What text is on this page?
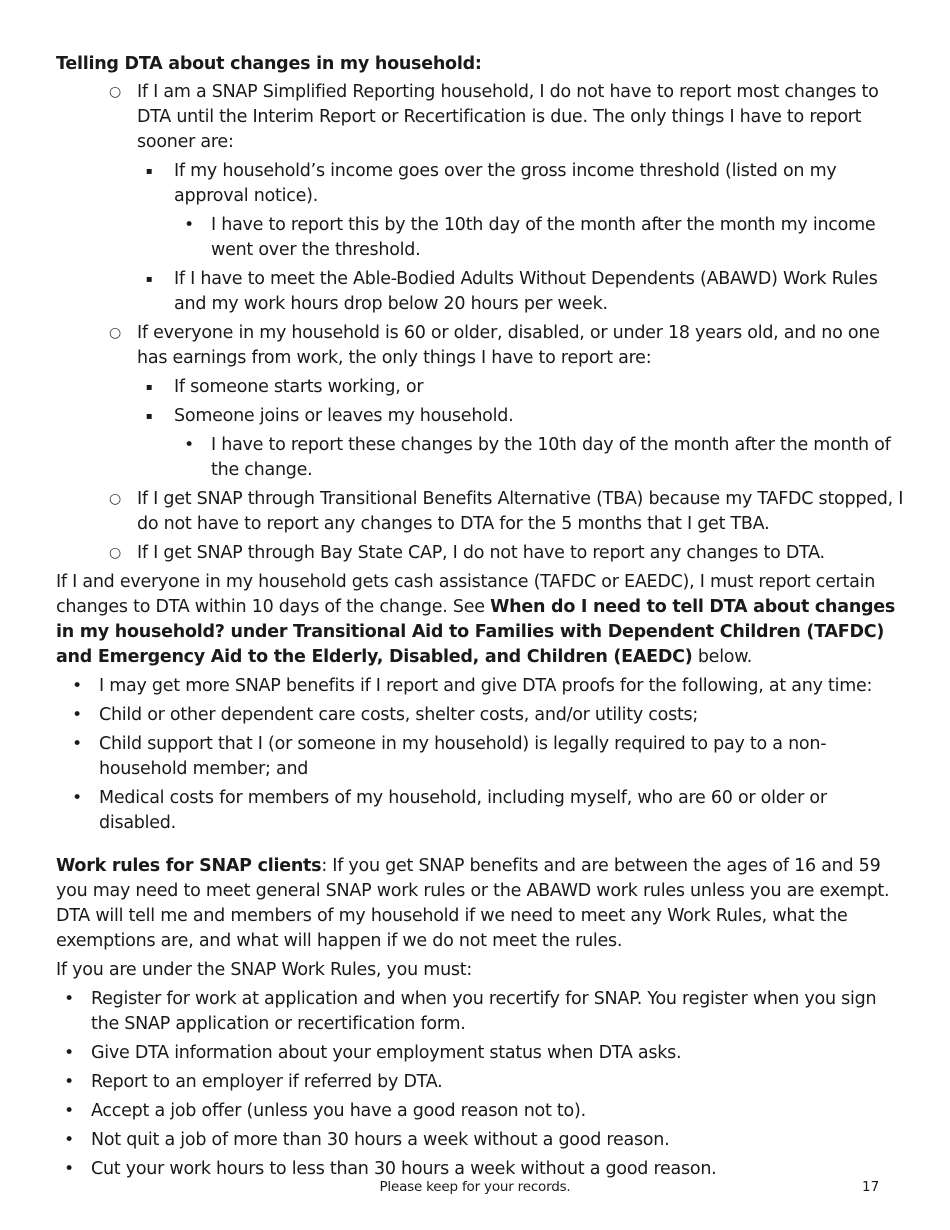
Telling DTA about changes in my household:
○ If I am a SNAP Simplified Reporting household, I do not have to report most changes to DTA until the Interim Report or Recertification is due. The only things I have to report sooner are:
▪ If my household’s income goes over the gross income threshold (listed on my approval notice).
• I have to report this by the 10th day of the month after the month my income went over the threshold.
▪ If I have to meet the Able-Bodied Adults Without Dependents (ABAWD) Work Rules and my work hours drop below 20 hours per week.
○ If everyone in my household is 60 or older, disabled, or under 18 years old, and no one has earnings from work, the only things I have to report are:
▪ If someone starts working, or
▪ Someone joins or leaves my household.
• I have to report these changes by the 10th day of the month after the month of the change.
○ If I get SNAP through Transitional Benefits Alternative (TBA) because my TAFDC stopped, I do not have to report any changes to DTA for the 5 months that I get TBA.
○ If I get SNAP through Bay State CAP, I do not have to report any changes to DTA.
If I and everyone in my household gets cash assistance (TAFDC or EAEDC), I must report certain changes to DTA within 10 days of the change. See When do I need to tell DTA about changes in my household? under Transitional Aid to Families with Dependent Children (TAFDC) and Emergency Aid to the Elderly, Disabled, and Children (EAEDC) below.
• I may get more SNAP benefits if I report and give DTA proofs for the following, at any time:
• Child or other dependent care costs, shelter costs, and/or utility costs;
• Child support that I (or someone in my household) is legally required to pay to a non-household member; and
• Medical costs for members of my household, including myself, who are 60 or older or disabled.
Work rules for SNAP clients: If you get SNAP benefits and are between the ages of 16 and 59 you may need to meet general SNAP work rules or the ABAWD work rules unless you are exempt. DTA will tell me and members of my household if we need to meet any Work Rules, what the exemptions are, and what will happen if we do not meet the rules.
If you are under the SNAP Work Rules, you must:
• Register for work at application and when you recertify for SNAP. You register when you sign the SNAP application or recertification form.
• Give DTA information about your employment status when DTA asks.
• Report to an employer if referred by DTA.
• Accept a job offer (unless you have a good reason not to).
• Not quit a job of more than 30 hours a week without a good reason.
• Cut your work hours to less than 30 hours a week without a good reason.
Please keep for your records.	17
